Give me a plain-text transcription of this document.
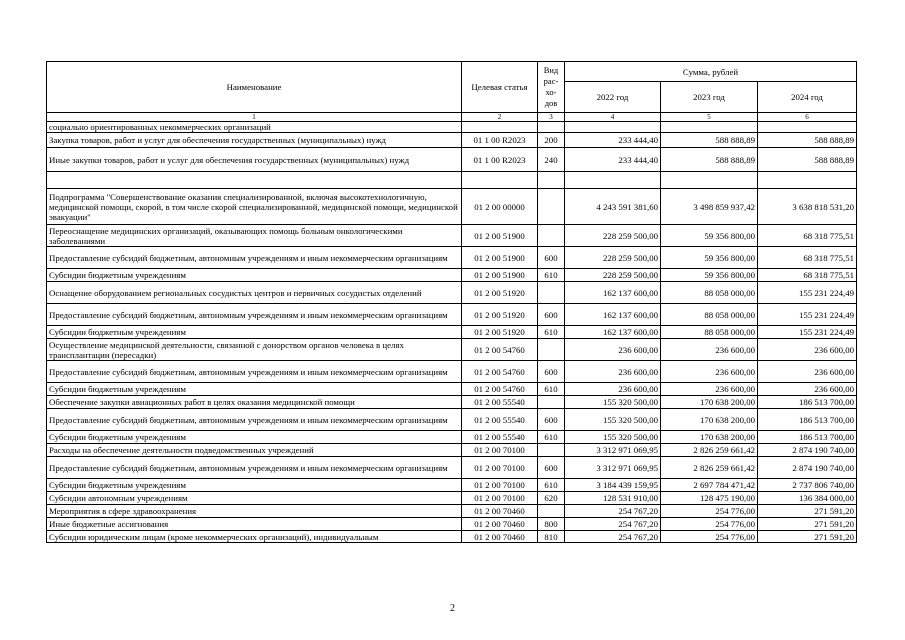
Наименование	Целевая статья	Вид
рас-
хо-
дов	Сумма, рублей		
			2022 год	2023 год	2024 год
1	2	3	4	5	6
социально ориентированных некоммерческих организаций					
Закупка товаров, работ и услуг для обеспечения государственных (муниципальных) нужд	01 1 00 R2023	200	233 444,40	588 888,89	588 888,89
Иные закупки товаров, работ и услуг для обеспечения государственных (муниципальных) нужд	01 1 00 R2023	240	233 444,40	588 888,89	588 888,89

Подпрограмма "Совершенствование оказания специализированной, включая высокотехнологичную, медицинской помощи, скорой, в том числе скорой специализированной, медицинской помощи, медицинской эвакуации"	01 2 00 00000		4 243 591 381,60	3 498 859 937,42	3 638 818 531,20
Переоснащение медицинских организаций, оказывающих помощь больным онкологическими заболеваниями	01 2 00 51900		228 259 500,00	59 356 800,00	68 318 775,51
Предоставление субсидий бюджетным, автономным учреждениям и иным некоммерческим организациям	01 2 00 51900	600	228 259 500,00	59 356 800,00	68 318 775,51
Субсидии бюджетным учреждениям	01 2 00 51900	610	228 259 500,00	59 356 800,00	68 318 775,51
Оснащение оборудованием региональных сосудистых центров и первичных сосудистых отделений	01 2 00 51920		162 137 600,00	88 058 000,00	155 231 224,49
Предоставление субсидий бюджетным, автономным учреждениям и иным некоммерческим организациям	01 2 00 51920	600	162 137 600,00	88 058 000,00	155 231 224,49
Субсидии бюджетным учреждениям	01 2 00 51920	610	162 137 600,00	88 058 000,00	155 231 224,49
Осуществление медицинской деятельности, связанной с донорством органов человека в целях трансплантации (пересадки)	01 2 00 54760		236 600,00	236 600,00	236 600,00
Предоставление субсидий бюджетным, автономным учреждениям и иным некоммерческим организациям	01 2 00 54760	600	236 600,00	236 600,00	236 600,00
Субсидии бюджетным учреждениям	01 2 00 54760	610	236 600,00	236 600,00	236 600,00
Обеспечение закупки авиационных работ в целях оказания медицинской помощи	01 2 00 55540		155 320 500,00	170 638 200,00	186 513 700,00
Предоставление субсидий бюджетным, автономным учреждениям и иным некоммерческим организациям	01 2 00 55540	600	155 320 500,00	170 638 200,00	186 513 700,00
Субсидии бюджетным учреждениям	01 2 00 55540	610	155 320 500,00	170 638 200,00	186 513 700,00
Расходы на обеспечение деятельности подведомственных учреждений	01 2 00 70100		3 312 971 069,95	2 826 259 661,42	2 874 190 740,00
Предоставление субсидий бюджетным, автономным учреждениям и иным некоммерческим организациям	01 2 00 70100	600	3 312 971 069,95	2 826 259 661,42	2 874 190 740,00
Субсидии бюджетным учреждениям	01 2 00 70100	610	3 184 439 159,95	2 697 784 471,42	2 737 806 740,00
Субсидии автономным учреждениям	01 2 00 70100	620	128 531 910,00	128 475 190,00	136 384 000,00
Мероприятия в сфере здравоохранения	01 2 00 70460		254 767,20	254 776,00	271 591,20
Иные бюджетные ассигнования	01 2 00 70460	800	254 767,20	254 776,00	271 591,20
Субсидии юридическим лицам (кроме некоммерческих организаций), индивидуальным	01 2 00 70460	810	254 767,20	254 776,00	271 591,20
2
